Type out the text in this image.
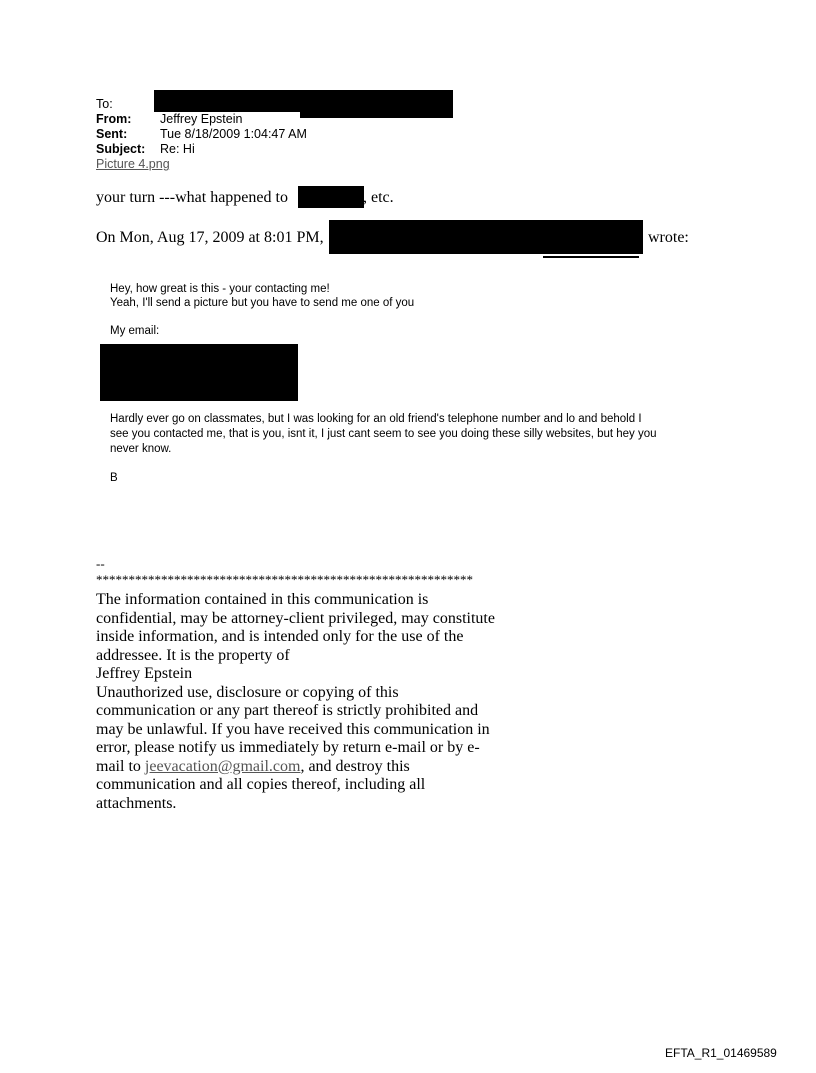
To:
From: Jeffrey Epstein
Sent:	Tue 8/18/2009 1:04:47 AM
Subject: Re: Hi
Picture 4.png
your turn ---what happened to	, etc.
On Mon, Aug 17, 2009 at 8:01 PM,	wrote:
Hey, how great is this - your contacting me!
Yeah, I'll send a picture but you have to send me one of you
My email:
Hardly ever go on classmates, but I was looking for an old friend's telephone number and lo and behold I
see you contacted me, that is you, isnt it, I just cant seem to see you doing these silly websites, but hey you
never know.
B
--
**********************************************************

The information contained in this communication is confidential, may be attorney-client privileged, may constitute inside information, and is intended only for the use of the addressee. It is the property of

Jeffrey Epstein

Unauthorized use, disclosure or copying of this communication or any part thereof is strictly prohibited and may be unlawful. If you have received this communication in error, please notify us immediately by return e-mail or by e-mail to jeevacation@gmail.com, and destroy this communication and all copies thereof, including all attachments.

EFTA_R1_01469589
